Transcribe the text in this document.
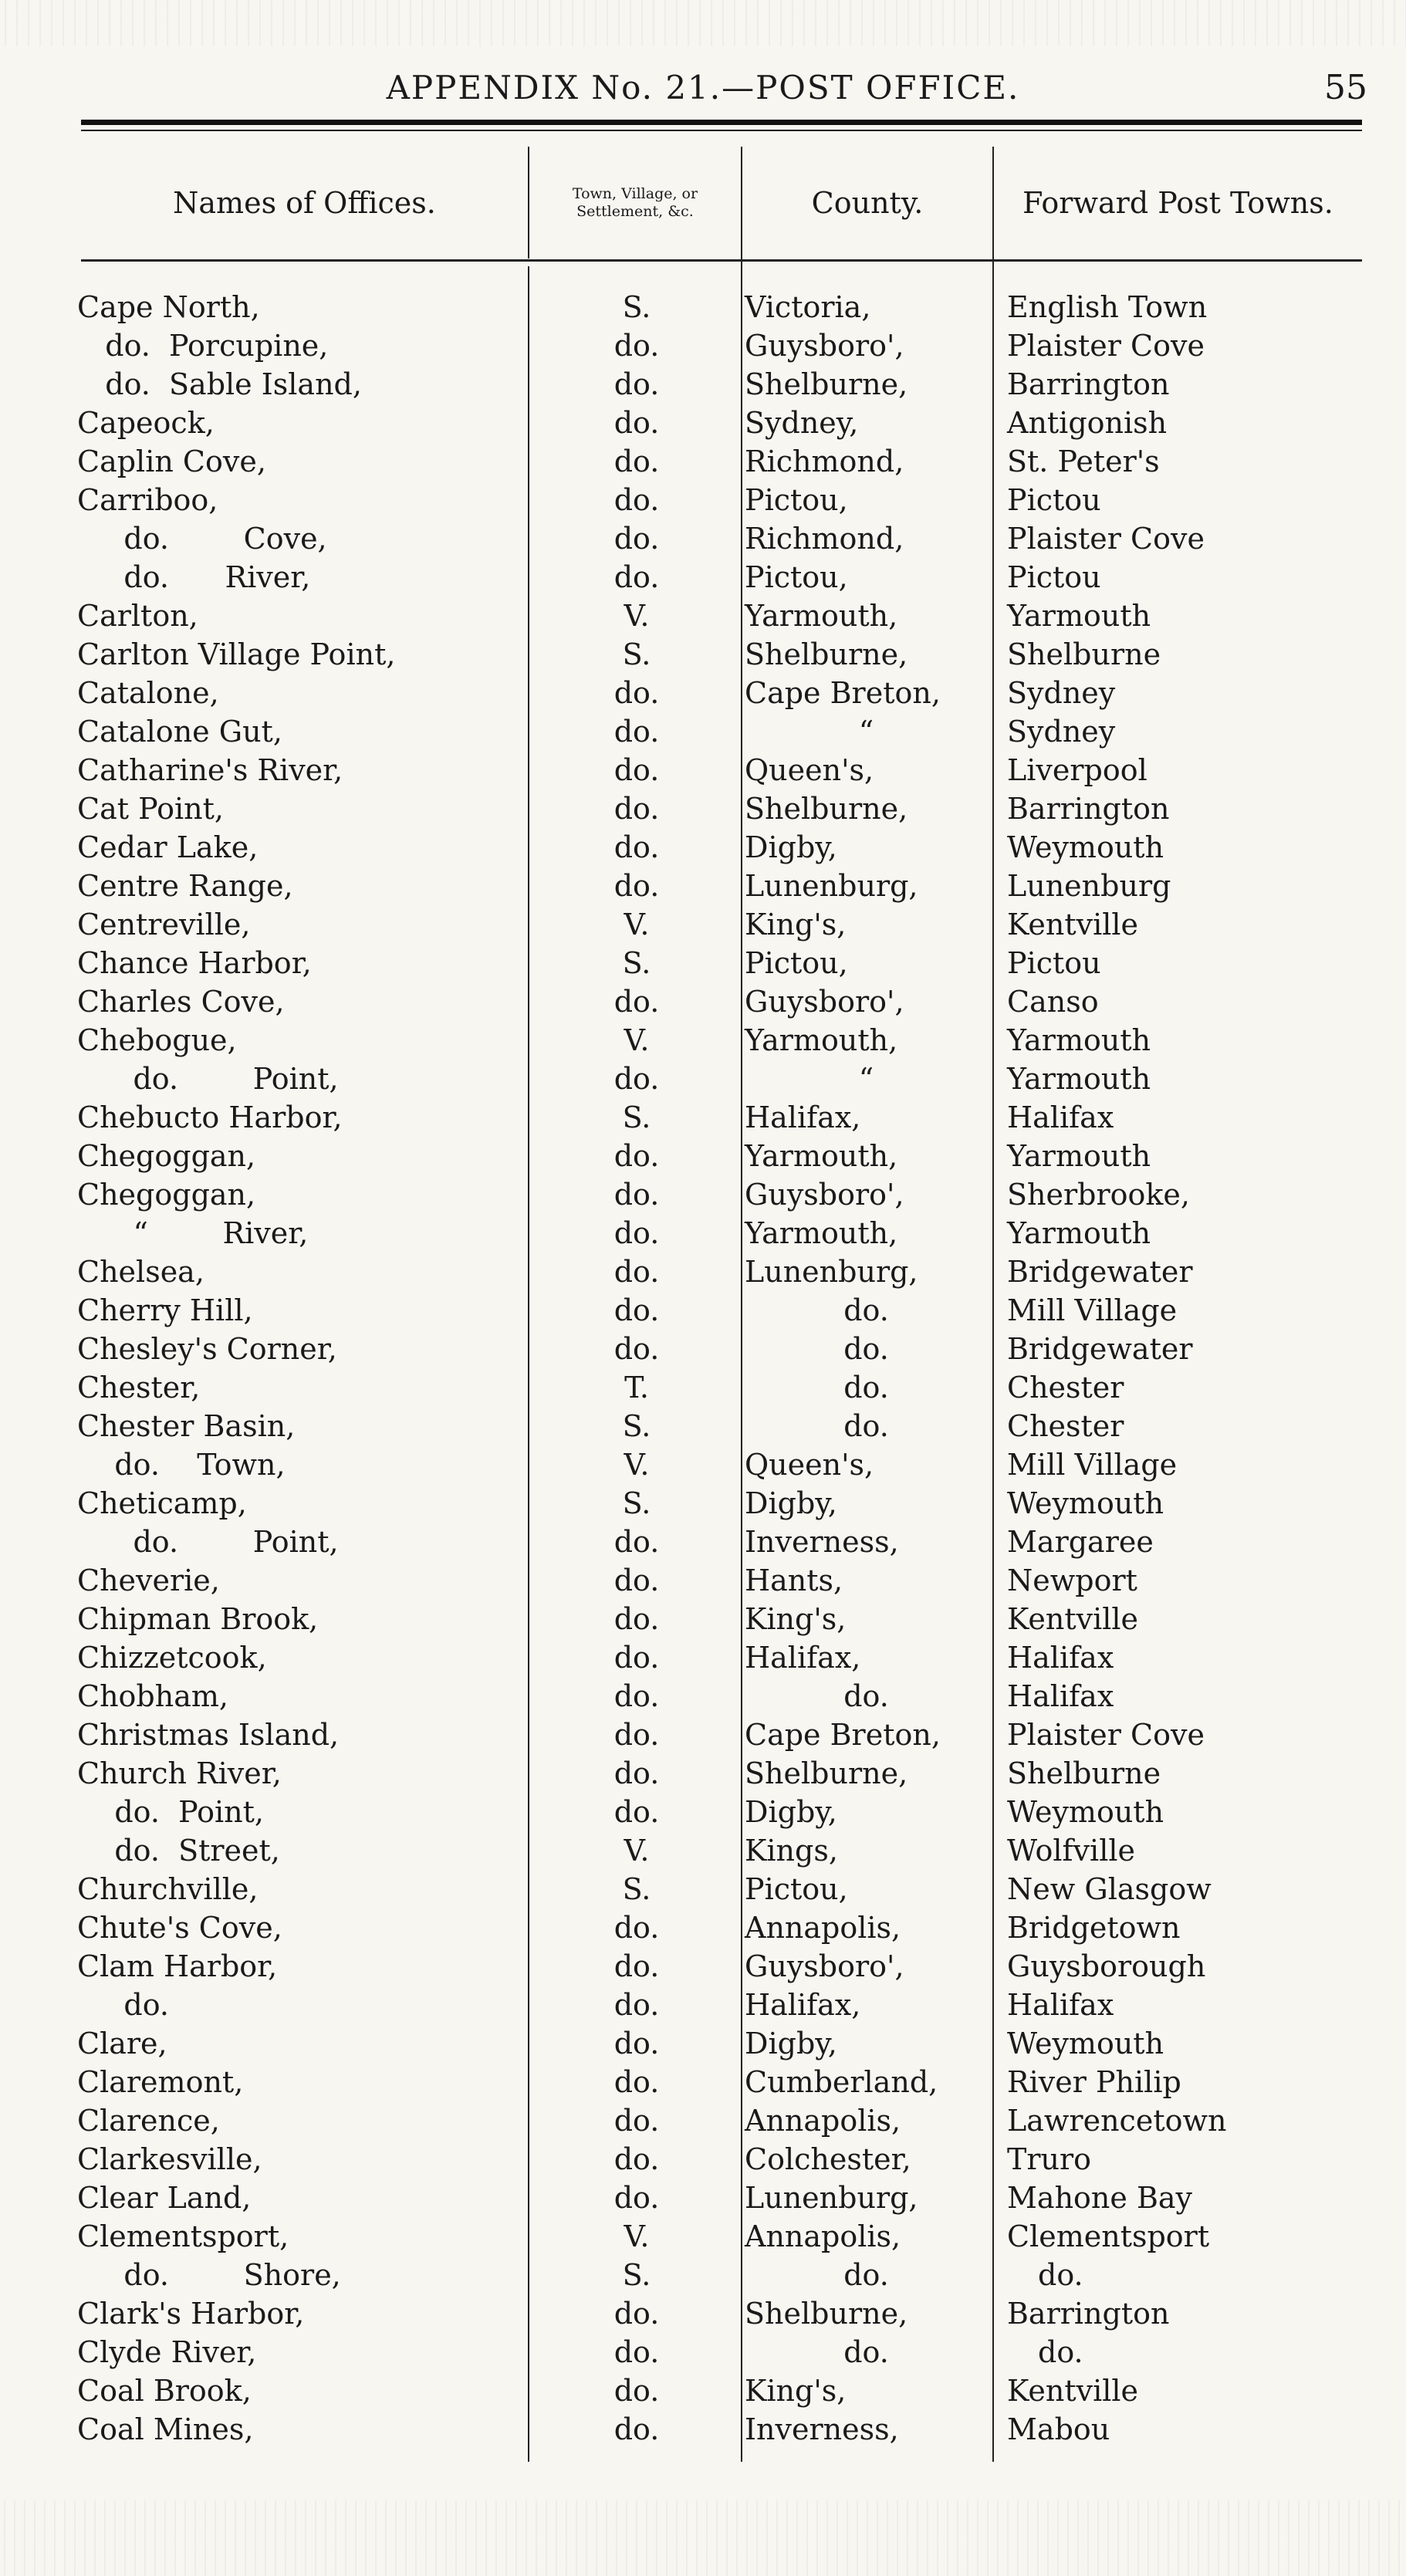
APPENDIX No. 21.—POST OFFICE.	55
Names of Offices.	Town, Village, or Settlement, &c.	County.	Forward Post Towns.
Cape North,	S.	Victoria,	English Town
do.  Porcupine,	do.	Guysboro',	Plaister Cove
do.  Sable Island,	do.	Shelburne,	Barrington
Capeock,	do.	Sydney,	Antigonish
Caplin Cove,	do.	Richmond,	St. Peter's
Carriboo,	do.	Pictou,	Pictou
do.        Cove,	do.	Richmond,	Plaister Cove
do.      River,	do.	Pictou,	Pictou
Carlton,	V.	Yarmouth,	Yarmouth
Carlton Village Point,	S.	Shelburne,	Shelburne
Catalone,	do.	Cape Breton,	Sydney
Catalone Gut,	do.	“	Sydney
Catharine's River,	do.	Queen's,	Liverpool
Cat Point,	do.	Shelburne,	Barrington
Cedar Lake,	do.	Digby,	Weymouth
Centre Range,	do.	Lunenburg,	Lunenburg
Centreville,	V.	King's,	Kentville
Chance Harbor,	S.	Pictou,	Pictou
Charles Cove,	do.	Guysboro',	Canso
Chebogue,	V.	Yarmouth,	Yarmouth
do.        Point,	do.	“	Yarmouth
Chebucto Harbor,	S.	Halifax,	Halifax
Chegoggan,	do.	Yarmouth,	Yarmouth
Chegoggan,	do.	Guysboro',	Sherbrooke,
“        River,	do.	Yarmouth,	Yarmouth
Chelsea,	do.	Lunenburg,	Bridgewater
Cherry Hill,	do.	do.	Mill Village
Chesley's Corner,	do.	do.	Bridgewater
Chester,	T.	do.	Chester
Chester Basin,	S.	do.	Chester
do.    Town,	V.	Queen's,	Mill Village
Cheticamp,	S.	Digby,	Weymouth
do.        Point,	do.	Inverness,	Margaree
Cheverie,	do.	Hants,	Newport
Chipman Brook,	do.	King's,	Kentville
Chizzetcook,	do.	Halifax,	Halifax
Chobham,	do.	do.	Halifax
Christmas Island,	do.	Cape Breton,	Plaister Cove
Church River,	do.	Shelburne,	Shelburne
do.  Point,	do.	Digby,	Weymouth
do.  Street,	V.	Kings,	Wolfville
Churchville,	S.	Pictou,	New Glasgow
Chute's Cove,	do.	Annapolis,	Bridgetown
Clam Harbor,	do.	Guysboro',	Guysborough
do.	do.	Halifax,	Halifax
Clare,	do.	Digby,	Weymouth
Claremont,	do.	Cumberland,	River Philip
Clarence,	do.	Annapolis,	Lawrencetown
Clarkesville,	do.	Colchester,	Truro
Clear Land,	do.	Lunenburg,	Mahone Bay
Clementsport,	V.	Annapolis,	Clementsport
do.        Shore,	S.	do.	do.
Clark's Harbor,	do.	Shelburne,	Barrington
Clyde River,	do.	do.	do.
Coal Brook,	do.	King's,	Kentville
Coal Mines,	do.	Inverness,	Mabou
